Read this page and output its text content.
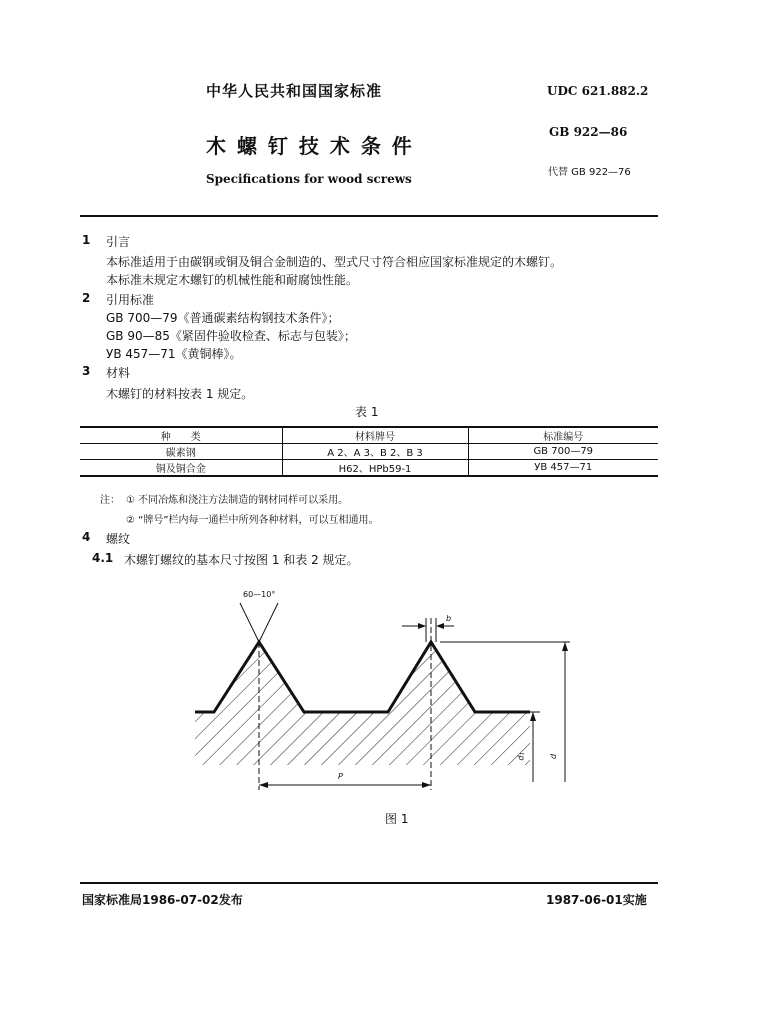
中华人民共和国国家标准
木 螺 钉 技 术 条 件
Specifications for wood screws
UDC 621.882.2
GB 922—86
代替 GB 922—76
1 引言
本标准适用于由碳钢或铜及铜合金制造的、型式尺寸符合相应国家标准规定的木螺钉。
本标准未规定木螺钉的机械性能和耐腐蚀性能。
2 引用标准
GB 700—79《普通碳素结构钢技术条件》；
GB 90—85《紧固件验收检查、标志与包装》；
УB 457—71《黄铜棒》。
3 材料
木螺钉的材料按表 1 规定。
表 1
种　　类	材料牌号	标准编号
碳素钢	A 2、A 3、B 2、B 3	GB 700—79
铜及铜合金	H62、HPb59-1	УB 457—71
注： ① 不同冶炼和浇注方法制造的钢材同样可以采用。
② “牌号”栏内每一通栏中所列各种材料，可以互相通用。
4 螺纹
4.1 木螺钉螺纹的基本尺寸按图 1 和表 2 规定。
60—10°
b
P
d₁	d
图 1
国家标准局1986-07-02发布	1987-06-01实施
